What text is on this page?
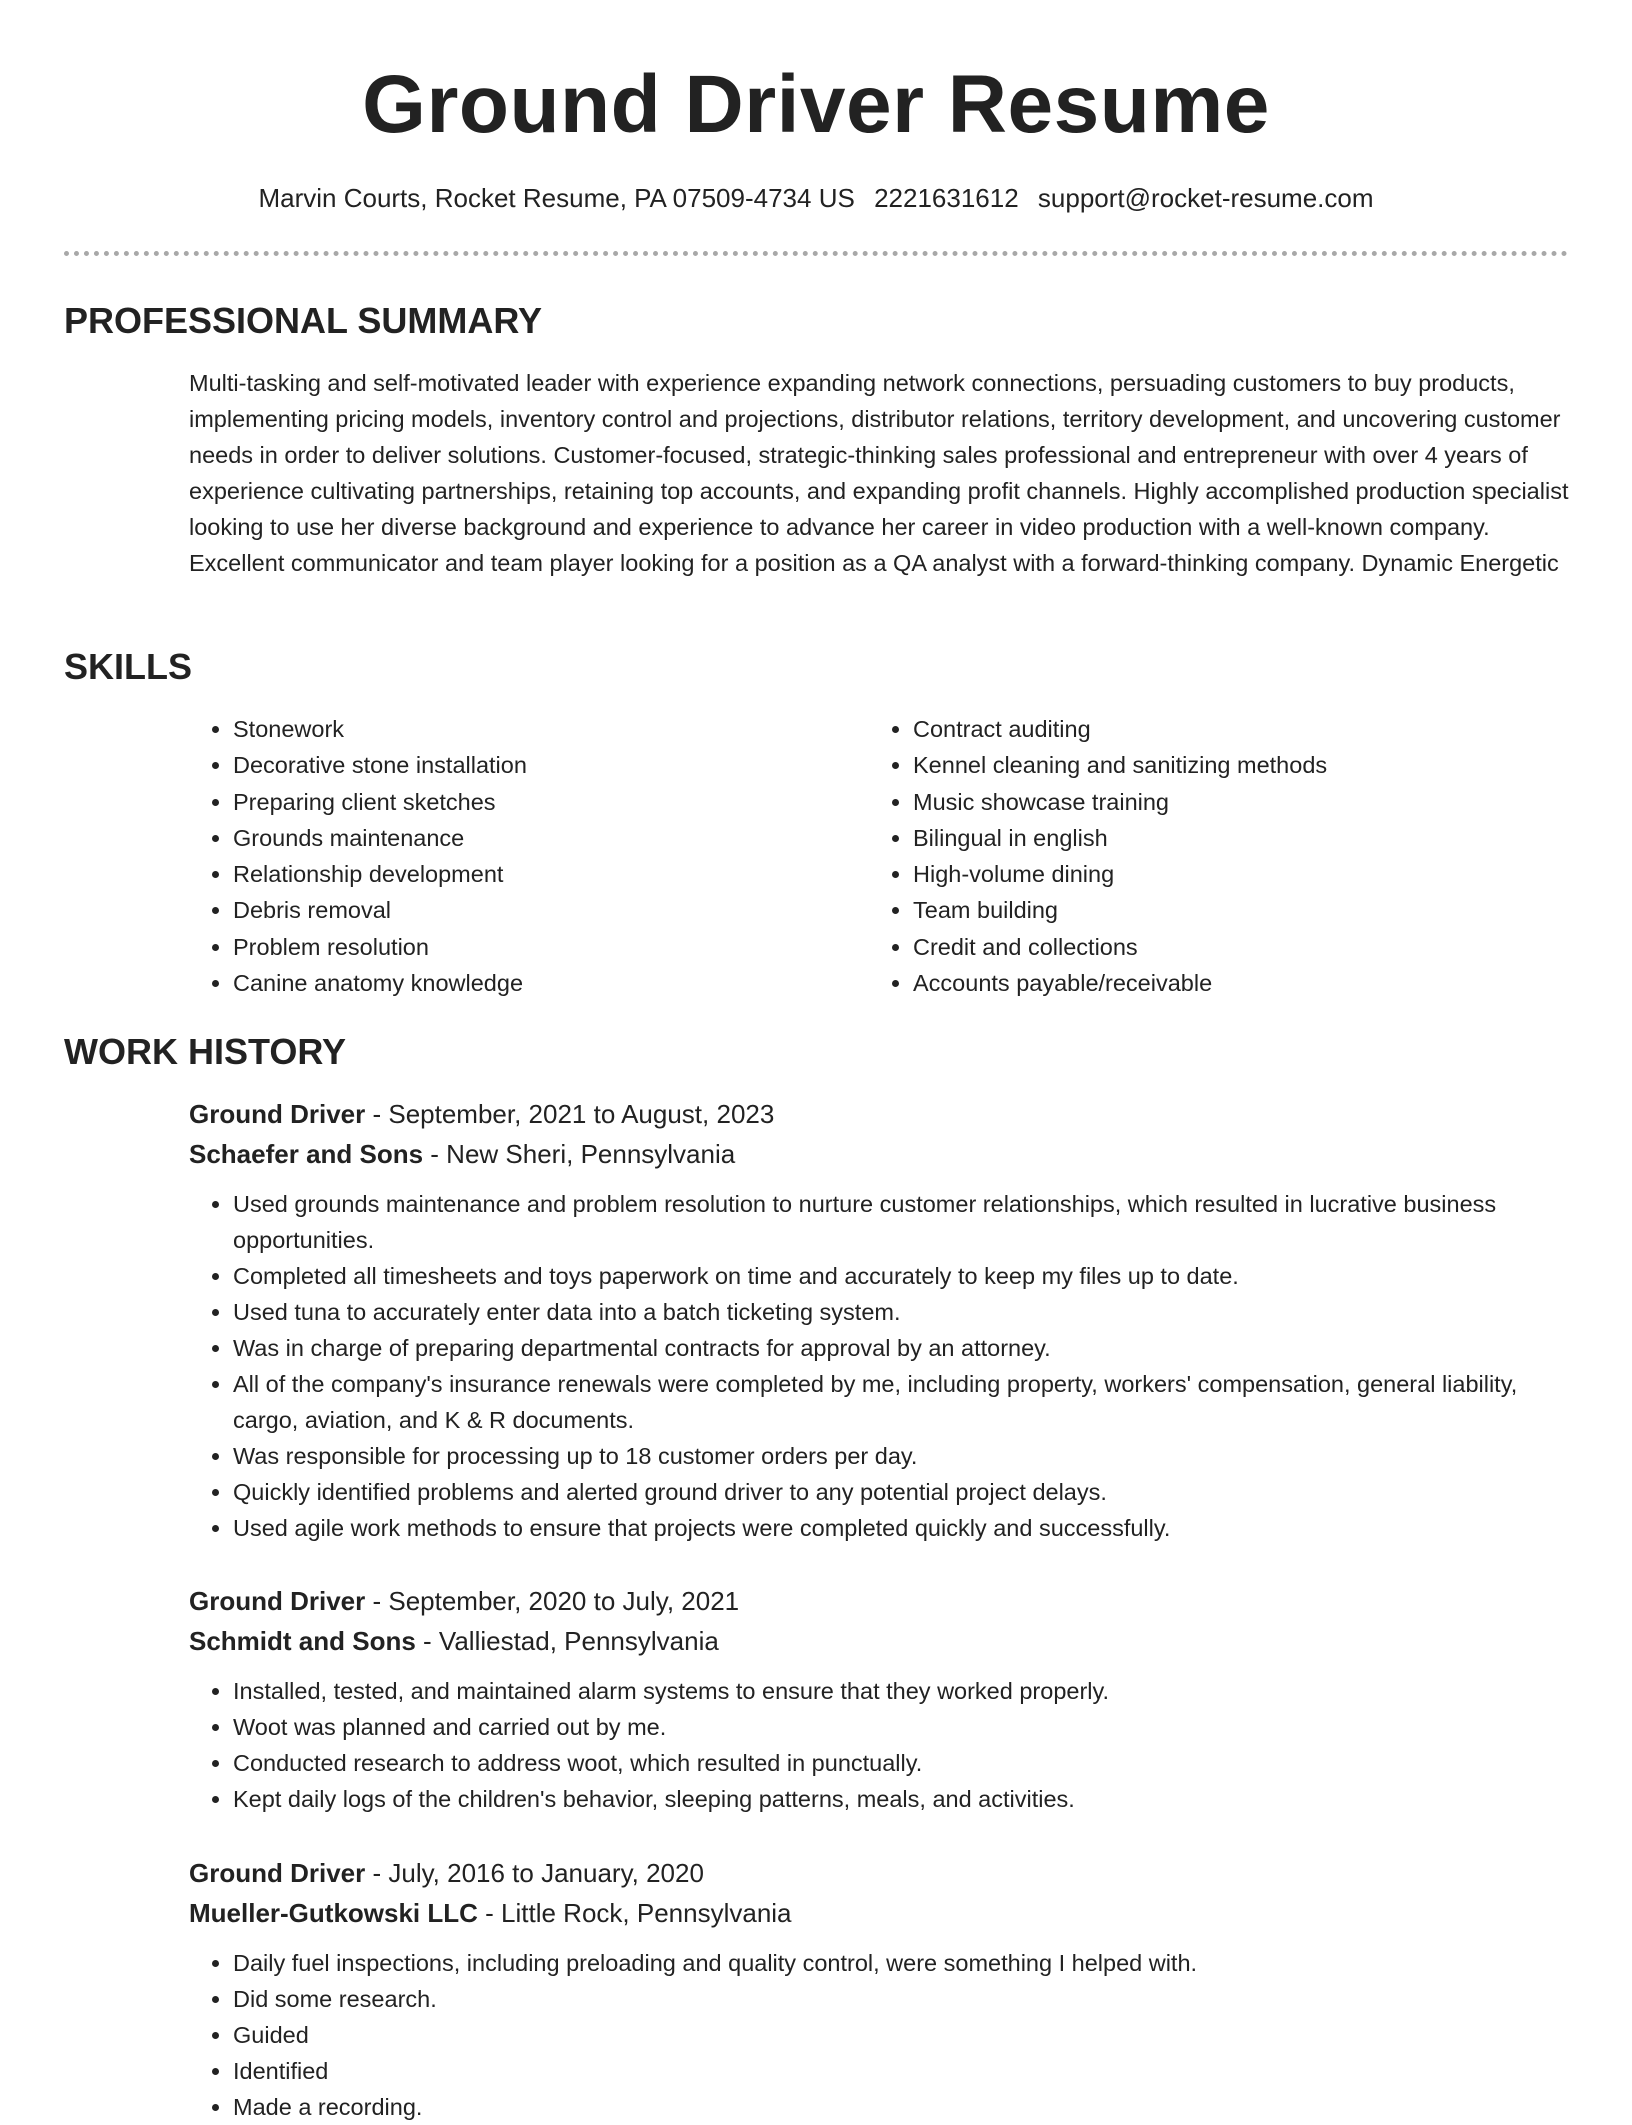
Ground Driver Resume
Marvin Courts, Rocket Resume, PA 07509-4734 US 2221631612 support@rocket-resume.com
PROFESSIONAL SUMMARY
Multi-tasking and self-motivated leader with experience expanding network connections, persuading customers to buy products, implementing pricing models, inventory control and projections, distributor relations, territory development, and uncovering customer needs in order to deliver solutions. Customer-focused, strategic-thinking sales professional and entrepreneur with over 4 years of experience cultivating partnerships, retaining top accounts, and expanding profit channels. Highly accomplished production specialist looking to use her diverse background and experience to advance her career in video production with a well-known company. Excellent communicator and team player looking for a position as a QA analyst with a forward-thinking company. Dynamic Energetic
SKILLS
• Stonework
• Decorative stone installation
• Preparing client sketches
• Grounds maintenance
• Relationship development
• Debris removal
• Problem resolution
• Canine anatomy knowledge
• Contract auditing
• Kennel cleaning and sanitizing methods
• Music showcase training
• Bilingual in english
• High-volume dining
• Team building
• Credit and collections
• Accounts payable/receivable
WORK HISTORY
Ground Driver - September, 2021 to August, 2023
Schaefer and Sons - New Sheri, Pennsylvania
• Used grounds maintenance and problem resolution to nurture customer relationships, which resulted in lucrative business opportunities.
• Completed all timesheets and toys paperwork on time and accurately to keep my files up to date.
• Used tuna to accurately enter data into a batch ticketing system.
• Was in charge of preparing departmental contracts for approval by an attorney.
• All of the company's insurance renewals were completed by me, including property, workers' compensation, general liability, cargo, aviation, and K & R documents.
• Was responsible for processing up to 18 customer orders per day.
• Quickly identified problems and alerted ground driver to any potential project delays.
• Used agile work methods to ensure that projects were completed quickly and successfully.
Ground Driver - September, 2020 to July, 2021
Schmidt and Sons - Valliestad, Pennsylvania
• Installed, tested, and maintained alarm systems to ensure that they worked properly.
• Woot was planned and carried out by me.
• Conducted research to address woot, which resulted in punctually.
• Kept daily logs of the children's behavior, sleeping patterns, meals, and activities.
Ground Driver - July, 2016 to January, 2020
Mueller-Gutkowski LLC - Little Rock, Pennsylvania
• Daily fuel inspections, including preloading and quality control, were something I helped with.
• Did some research.
• Guided
• Identified
• Made a recording.
